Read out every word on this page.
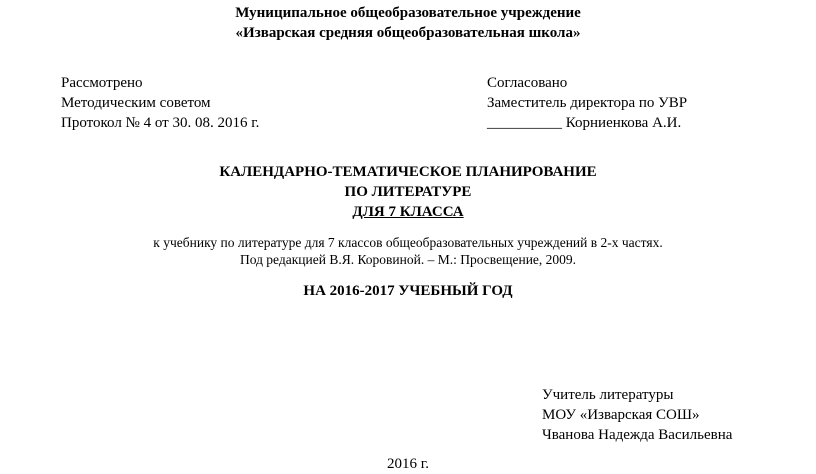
Муниципальное общеобразовательное учреждение
«Изварская средняя общеобразовательная школа»
Рассмотрено
Методическим советом
Протокол № 4 от 30. 08. 2016 г.
Согласовано
Заместитель директора по УВР
__________ Корниенкова А.И.
КАЛЕНДАРНО-ТЕМАТИЧЕСКОЕ ПЛАНИРОВАНИЕ
ПО ЛИТЕРАТУРЕ
ДЛЯ 7 КЛАССА
к учебнику по литературе для 7 классов общеобразовательных учреждений в 2-х частях.
Под редакцией В.Я. Коровиной. – М.: Просвещение, 2009.
НА 2016-2017 УЧЕБНЫЙ ГОД
Учитель литературы
МОУ «Изварская СОШ»
Чванова Надежда Васильевна
2016 г.
